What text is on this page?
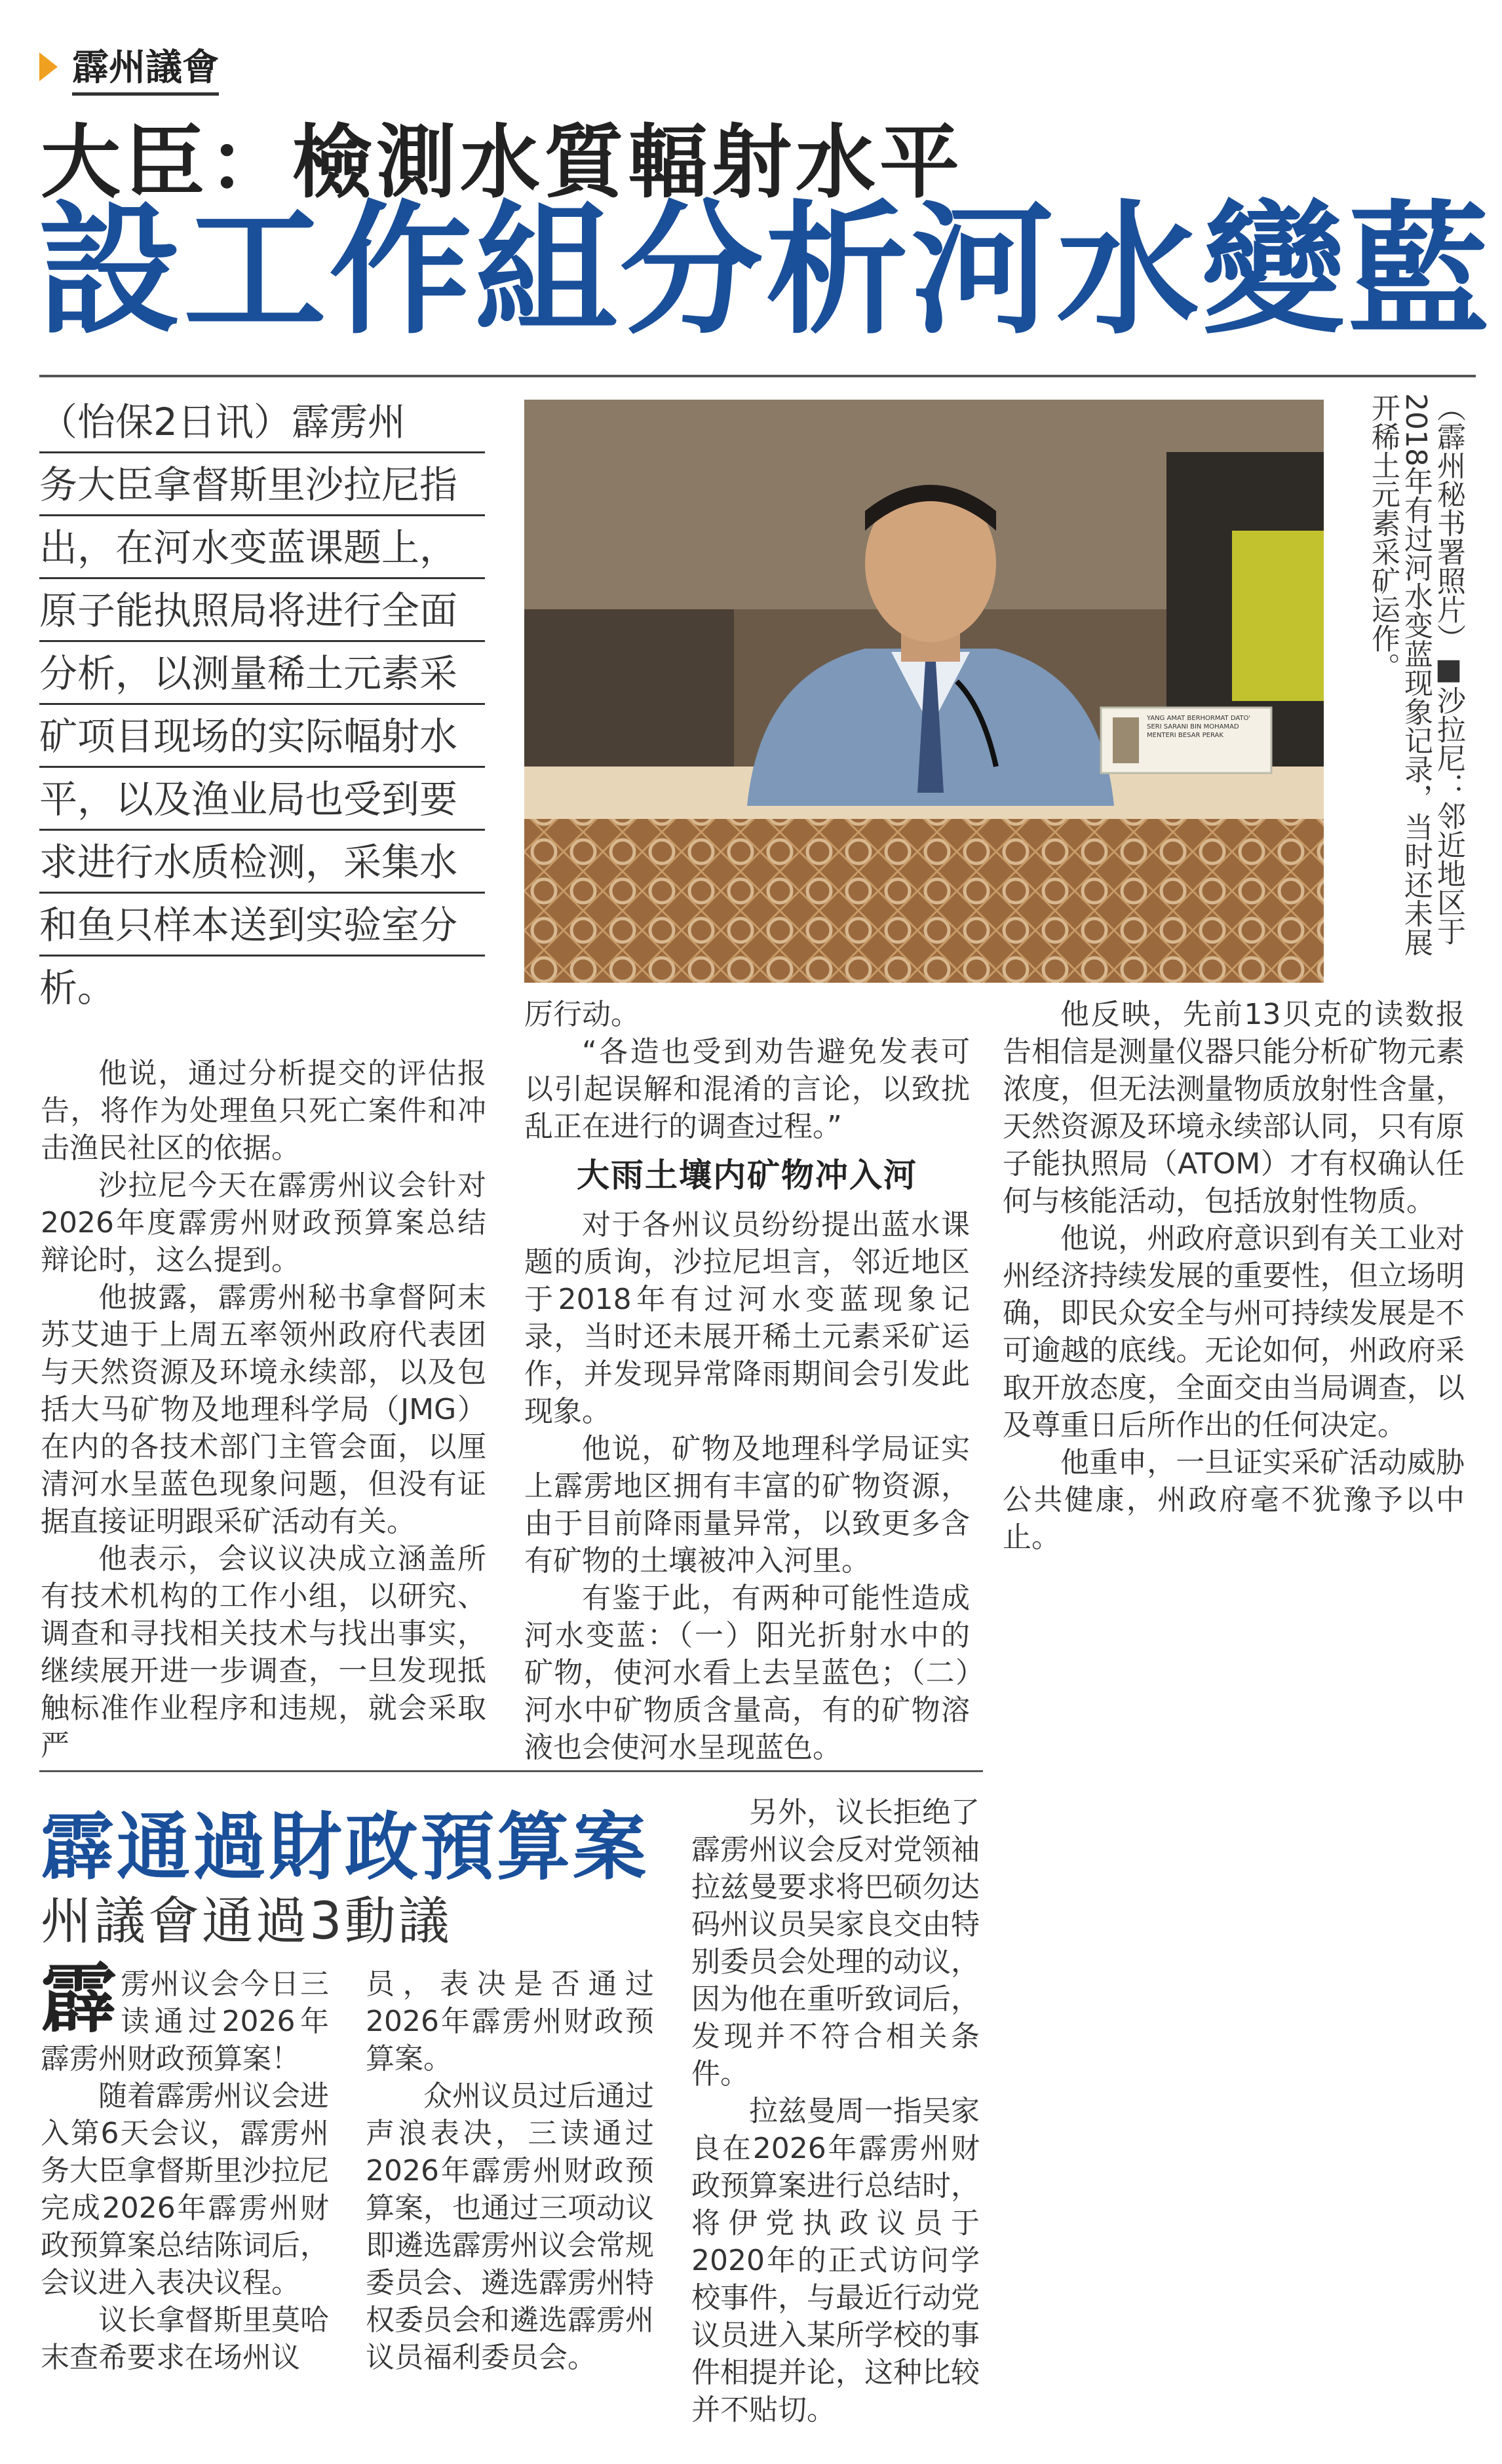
霹州議會
大臣：檢測水質輻射水平
設工作組分析河水變藍
（怡保2日讯）霹雳州
务大臣拿督斯里沙拉尼指
出，在河水变蓝课题上，
原子能执照局将进行全面
分析，以测量稀土元素采
矿项目现场的实际幅射水
平，以及渔业局也受到要
求进行水质检测，采集水
和鱼只样本送到实验室分
析。
YANG AMAT BERHORMAT DATO' SERI SARANI BIN MOHAMAD MENTERI BESAR PERAK
（霹州秘书署照片）■沙拉尼：邻近地区于2018年有过河水变蓝现象记录，当时还未展开稀土元素采矿运作。

他说，通过分析提交的评估报告，将作为处理鱼只死亡案件和冲击渔民社区的依据。

沙拉尼今天在霹雳州议会针对2026年度霹雳州财政预算案总结辩论时，这么提到。

他披露，霹雳州秘书拿督阿末苏艾迪于上周五率领州政府代表团与天然资源及环境永续部，以及包括大马矿物及地理科学局（JMG）在内的各技术部门主管会面，以厘清河水呈蓝色现象问题，但没有证据直接证明跟采矿活动有关。

他表示，会议议决成立涵盖所有技术机构的工作小组，以研究、调查和寻找相关技术与找出事实，继续展开进一步调查，一旦发现抵触标准作业程序和违规，就会采取严

厉行动。

“各造也受到劝告避免发表可以引起误解和混淆的言论，以致扰乱正在进行的调查过程。”

大雨土壤内矿物冲入河

对于各州议员纷纷提出蓝水课题的质询，沙拉尼坦言，邻近地区于2018年有过河水变蓝现象记录，当时还未展开稀土元素采矿运作，并发现异常降雨期间会引发此现象。

他说，矿物及地理科学局证实上霹雳地区拥有丰富的矿物资源，由于目前降雨量异常，以致更多含有矿物的土壤被冲入河里。

有鉴于此，有两种可能性造成河水变蓝：（一）阳光折射水中的矿物，使河水看上去呈蓝色；（二）河水中矿物质含量高，有的矿物溶液也会使河水呈现蓝色。

他反映，先前13贝克的读数报告相信是测量仪器只能分析矿物元素浓度，但无法测量物质放射性含量，天然资源及环境永续部认同，只有原子能执照局（ATOM）才有权确认任何与核能活动，包括放射性物质。

他说，州政府意识到有关工业对州经济持续发展的重要性，但立场明确，即民众安全与州可持续发展是不可逾越的底线。无论如何，州政府采取开放态度，全面交由当局调查，以及尊重日后所作出的任何决定。

他重申，一旦证实采矿活动威胁公共健康，州政府毫不犹豫予以中止。

霹通過財政預算案
州議會通過3動議

霹雳州议会今日三读通过2026年霹雳州财政预算案！

随着霹雳州议会进入第6天会议，霹雳州务大臣拿督斯里沙拉尼完成2026年霹雳州财政预算案总结陈词后，会议进入表决议程。

议长拿督斯里莫哈末查希要求在场州议

员，表决是否通过2026年霹雳州财政预算案。

众州议员过后通过声浪表决，三读通过2026年霹雳州财政预算案，也通过三项动议即遴选霹雳州议会常规委员会、遴选霹雳州特权委员会和遴选霹雳州议员福利委员会。

另外，议长拒绝了霹雳州议会反对党领袖拉兹曼要求将巴硕勿达码州议员吴家良交由特别委员会处理的动议，因为他在重听致词后，发现并不符合相关条件。

拉兹曼周一指吴家良在2026年霹雳州财政预算案进行总结时，将伊党执政议员于2020年的正式访问学校事件，与最近行动党议员进入某所学校的事件相提并论，这种比较并不贴切。
